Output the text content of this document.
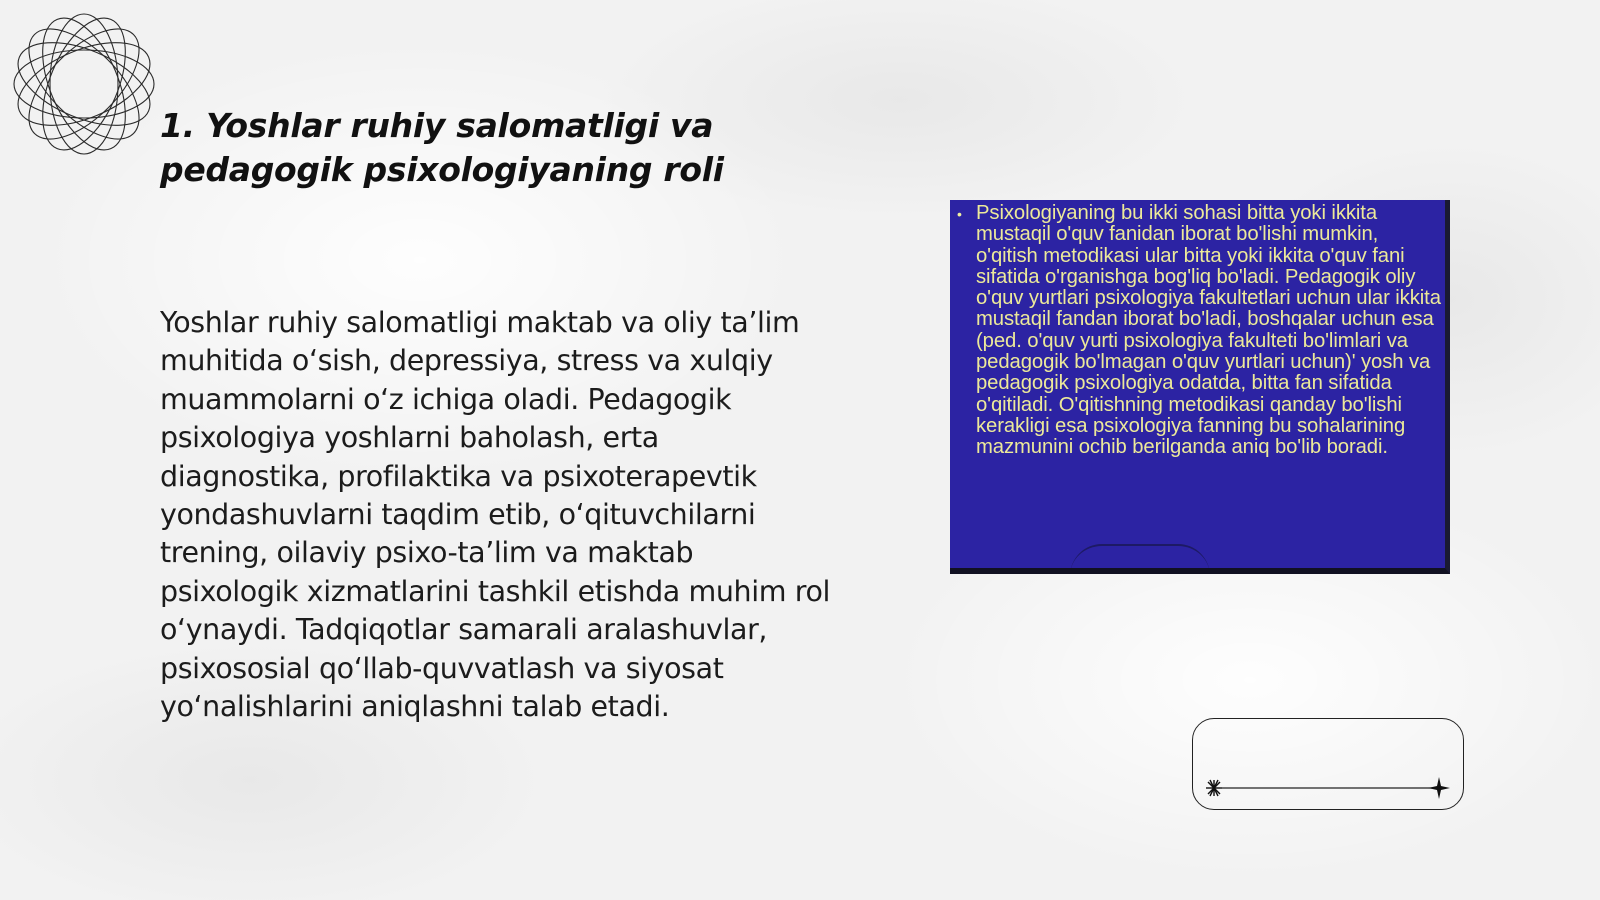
1. Yoshlar ruhiy salomatligi va pedagogik psixologiyaning roli

Yoshlar ruhiy salomatligi maktab va oliy ta’lim muhitida o‘sish, depressiya, stress va xulqiy muammolarni o‘z ichiga oladi. Pedagogik psixologiya yoshlarni baholash, erta diagnostika, profilaktika va psixoterapevtik yondashuvlarni taqdim etib, o‘qituvchilarni trening, oilaviy psixo-ta’lim va maktab psixologik xizmatlarini tashkil etishda muhim rol o‘ynaydi. Tadqiqotlar samarali aralashuvlar, psixososial qo‘llab-quvvatlash va siyosat yo‘nalishlarini aniqlashni talab etadi.

• Psixologiyaning bu ikki sohasi bitta yoki ikkita mustaqil o'quv fanidan iborat bo'lishi mumkin, o'qitish metodikasi ular bitta yoki ikkita o'quv fani sifatida o'rganishga bog'liq bo'ladi. Pedagogik oliy o'quv yurtlari psixologiya fakultetlari uchun ular ikkita mustaqil fandan iborat bo'ladi, boshqalar uchun esa (ped. o'quv yurti psixologiya fakulteti bo'limlari va pedagogik bo'lmagan o'quv yurtlari uchun)' yosh va pedagogik psixologiya odatda, bitta fan sifatida o'qitiladi. O'qitishning metodikasi qanday bo'lishi kerakligi esa psixologiya fanning bu sohalarining mazmunini ochib berilganda aniq bo'lib boradi.
